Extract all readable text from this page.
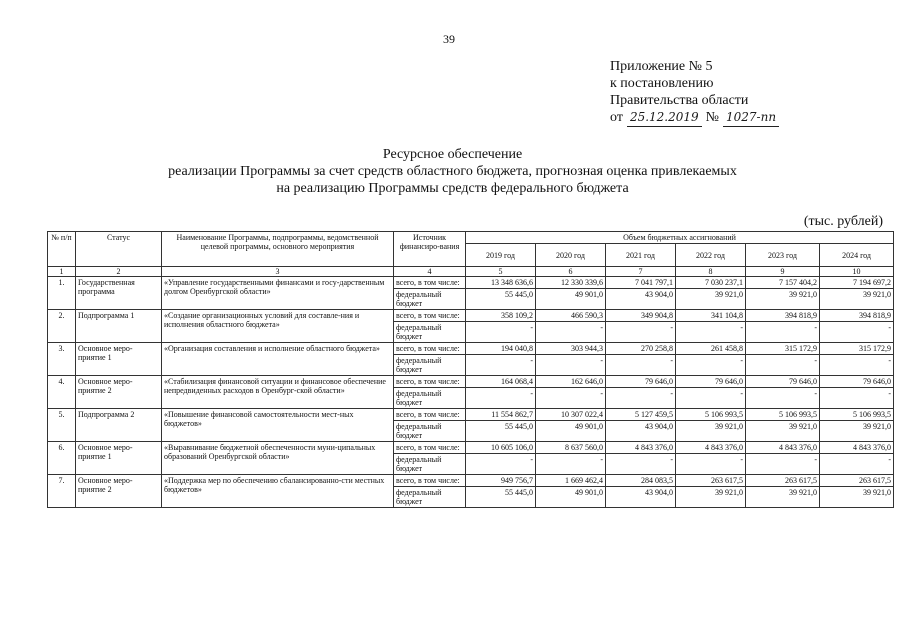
39
Приложение № 5
к постановлению
Правительства области
от 25.12.2019 № 1027-пп
Ресурсное обеспечение
реализации Программы за счет средств областного бюджета, прогнозная оценка привлекаемых
на реализацию Программы средств федерального бюджета
(тыс. рублей)
№ п/п	Статус	Наименование Программы, подпрограммы, ведомственной целевой программы, основного мероприятия	Источник финансиро-вания	Объем бюджетных ассигнований					
				2019 год	2020 год	2021 год	2022 год	2023 год	2024 год
1	2	3	4	5	6	7	8	9	10
1.	Государственная программа	«Управление государственными финансами и госу-дарственным долгом Оренбургской области»	всего, в том числе:	13 348 636,6	12 330 339,6	7 041 797,1	7 030 237,1	7 157 404,2	7 194 697,2
			федеральный бюджет	55 445,0	49 901,0	43 904,0	39 921,0	39 921,0	39 921,0
2.	Подпрограмма 1	«Создание организационных условий для составле-ния и исполнения областного бюджета»	всего, в том числе:	358 109,2	466 590,3	349 904,8	341 104,8	394 818,9	394 818,9
			федеральный бюджет	-	-	-	-	-	-
3.	Основное меро-приятие 1	«Организация составления и исполнение областного бюджета»	всего, в том числе:	194 040,8	303 944,3	270 258,8	261 458,8	315 172,9	315 172,9
			федеральный бюджет	-	-	-	-	-	-
4.	Основное меро-приятие 2	«Стабилизация финансовой ситуации и финансовое обеспечение непредвиденных расходов в Оренбург-ской области»	всего, в том числе:	164 068,4	162 646,0	79 646,0	79 646,0	79 646,0	79 646,0
			федеральный бюджет	-	-	-	-	-	-
5.	Подпрограмма 2	«Повышение финансовой самостоятельности мест-ных бюджетов»	всего, в том числе:	11 554 862,7	10 307 022,4	5 127 459,5	5 106 993,5	5 106 993,5	5 106 993,5
			федеральный бюджет	55 445,0	49 901,0	43 904,0	39 921,0	39 921,0	39 921,0
6.	Основное меро-приятие 1	«Выравнивание бюджетной обеспеченности муни-ципальных образований Оренбургской области»	всего, в том числе:	10 605 106,0	8 637 560,0	4 843 376,0	4 843 376,0	4 843 376,0	4 843 376,0
			федеральный бюджет	-	-	-	-	-	-
7.	Основное меро-приятие 2	«Поддержка мер по обеспечению сбалансированно-сти местных бюджетов»	всего, в том числе:	949 756,7	1 669 462,4	284 083,5	263 617,5	263 617,5	263 617,5
			федеральный бюджет	55 445,0	49 901,0	43 904,0	39 921,0	39 921,0	39 921,0
